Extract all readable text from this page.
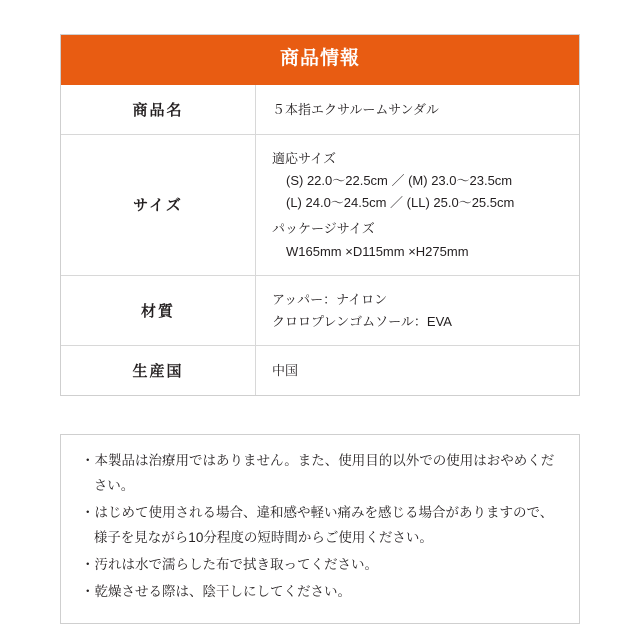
商品情報
商品名	５本指エクサルームサンダル
サイズ	適応サイズ
(S) 22.0〜22.5cm ／ (M) 23.0〜23.5cm
(L) 24.0〜24.5cm ／ (LL) 25.0〜25.5cm
パッケージサイズ
W165mm ×D115mm ×H275mm

材質	アッパー：ナイロン
クロロプレンゴムソール：EVA

生産国	中国

・本製品は治療用ではありません。また、使用目的以外での使用はおやめください。

・はじめて使用される場合、違和感や軽い痛みを感じる場合がありますので、様子を見ながら10分程度の短時間からご使用ください。

・汚れは水で濡らした布で拭き取ってください。

・乾燥させる際は、陰干しにしてください。
